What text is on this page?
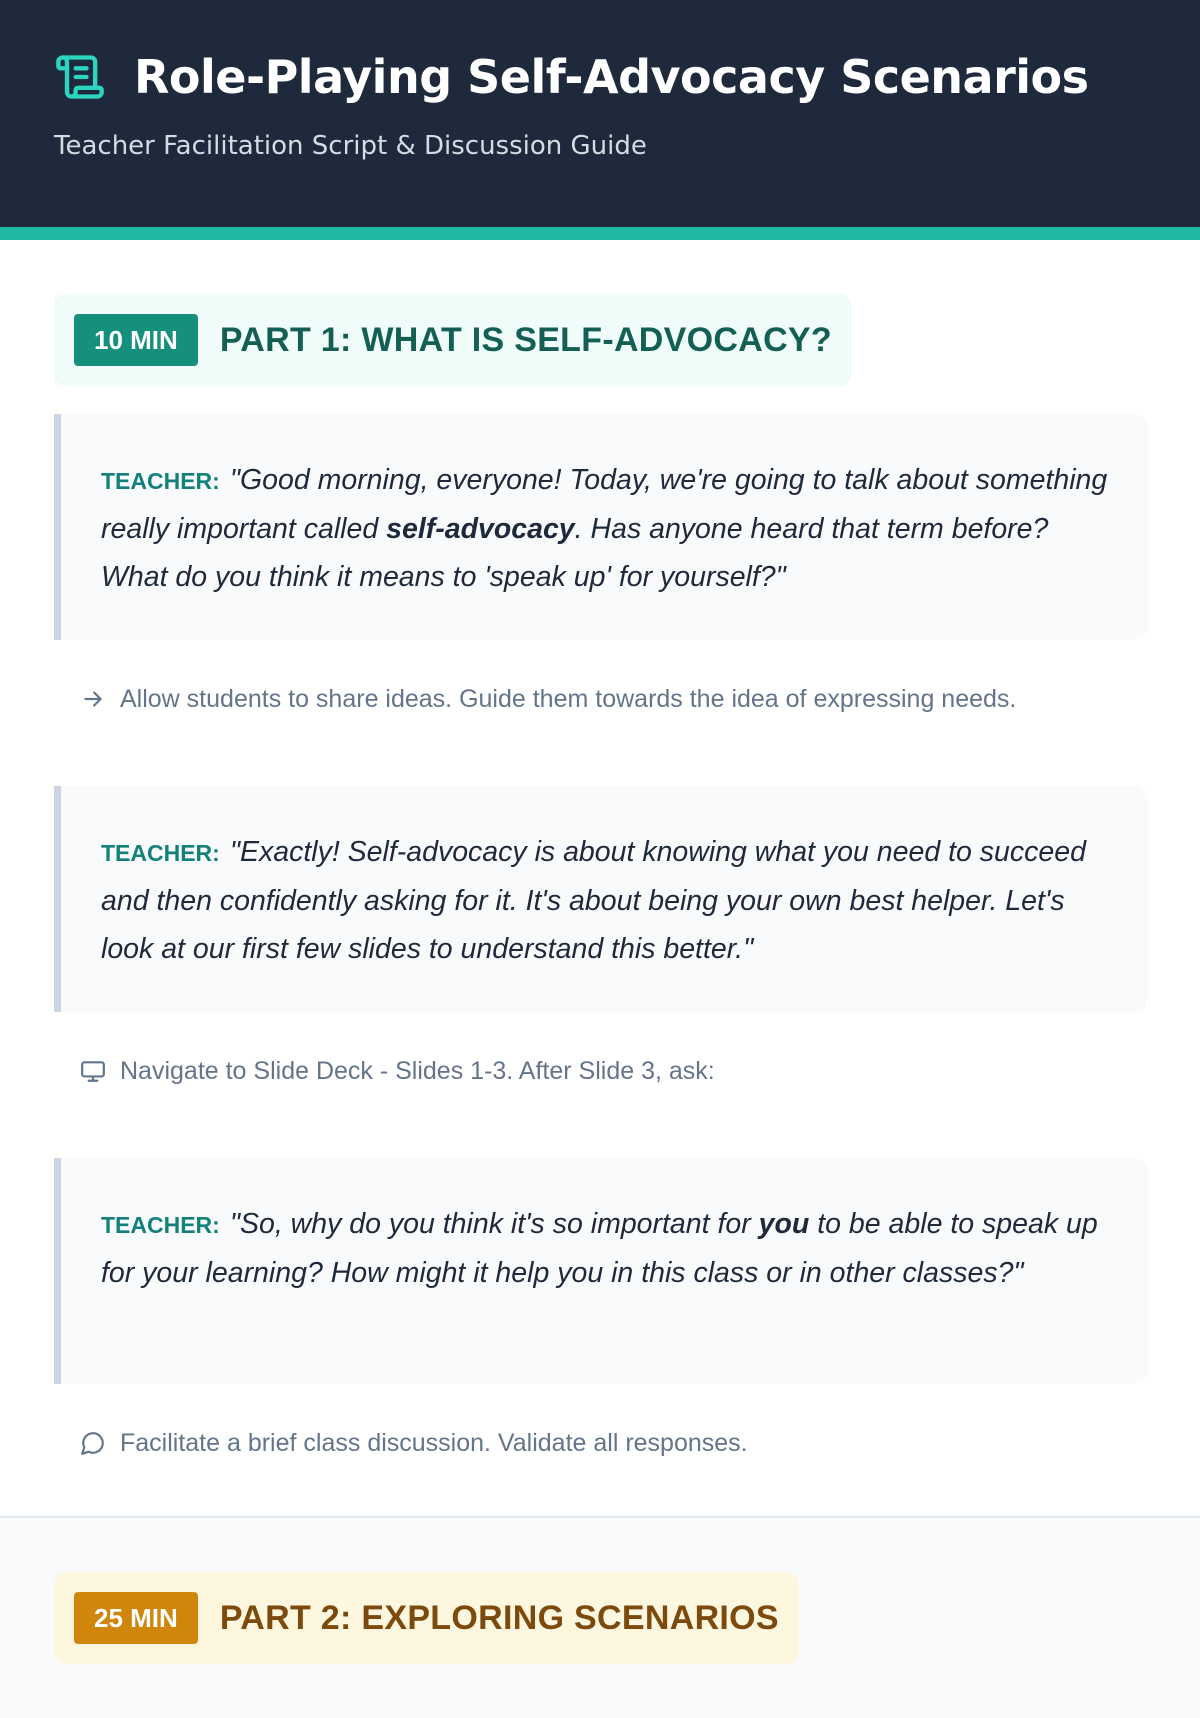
Role-Playing Self-Advocacy Scenarios
Teacher Facilitation Script & Discussion Guide
10 MIN	PART 1: WHAT IS SELF-ADVOCACY?
TEACHER: "Good morning, everyone! Today, we're going to talk about something really important called self-advocacy. Has anyone heard that term before? What do you think it means to 'speak up' for yourself?"
Allow students to share ideas. Guide them towards the idea of expressing needs.
TEACHER: "Exactly! Self-advocacy is about knowing what you need to succeed and then confidently asking for it. It's about being your own best helper. Let's look at our first few slides to understand this better."
Navigate to Slide Deck - Slides 1-3. After Slide 3, ask:
TEACHER: "So, why do you think it's so important for you to be able to speak up for your learning? How might it help you in this class or in other classes?"
Facilitate a brief class discussion. Validate all responses.
25 MIN	PART 2: EXPLORING SCENARIOS
